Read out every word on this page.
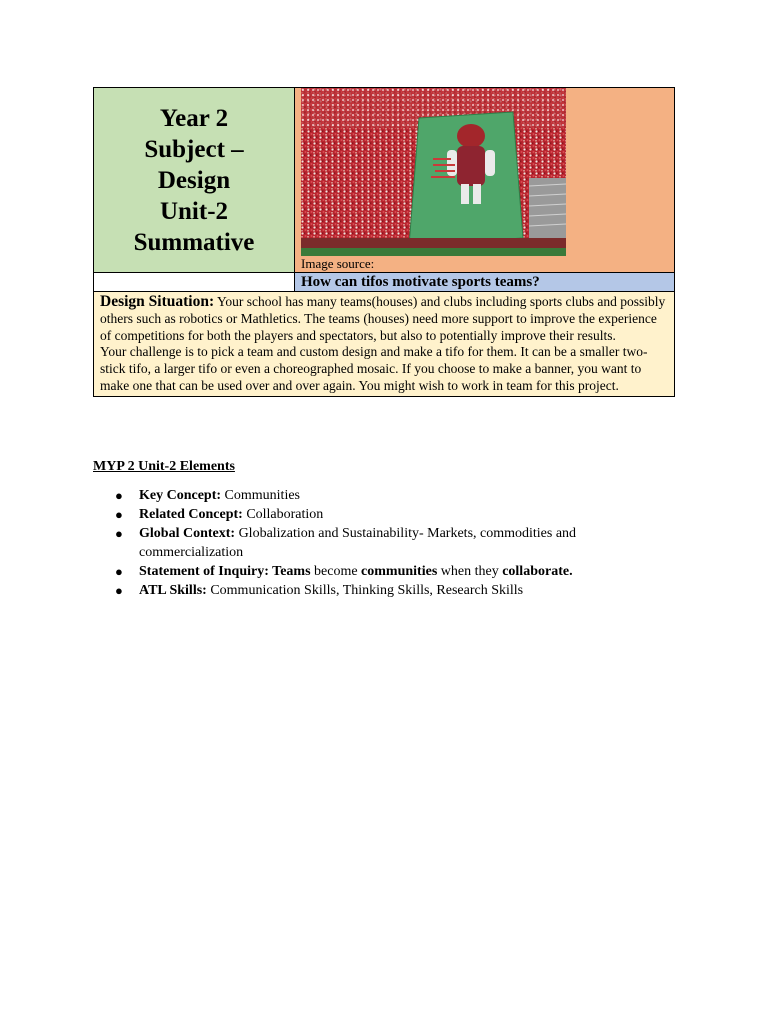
Year 2
Subject –
Design
Unit-2
Summative	Image source:

	How can tifos motivate sports teams?

Design Situation: Your school has many teams(houses) and clubs including sports clubs and possibly others such as robotics or Mathletics. The teams (houses) need more support to improve the experience of competitions for both the players and spectators, but also to potentially improve their results.
Your challenge is to pick a team and custom design and make a tifo for them. It can be a smaller two-stick tifo, a larger tifo or even a choreographed mosaic. If you choose to make a banner, you want to make one that can be used over and over again. You might wish to work in team for this project.	
MYP 2 Unit-2 Elements
● Key Concept: Communities
● Related Concept: Collaboration
● Global Context: Globalization and Sustainability- Markets, commodities and commercialization
● Statement of Inquiry: Teams become communities when they collaborate.
● ATL Skills: Communication Skills, Thinking Skills, Research Skills
